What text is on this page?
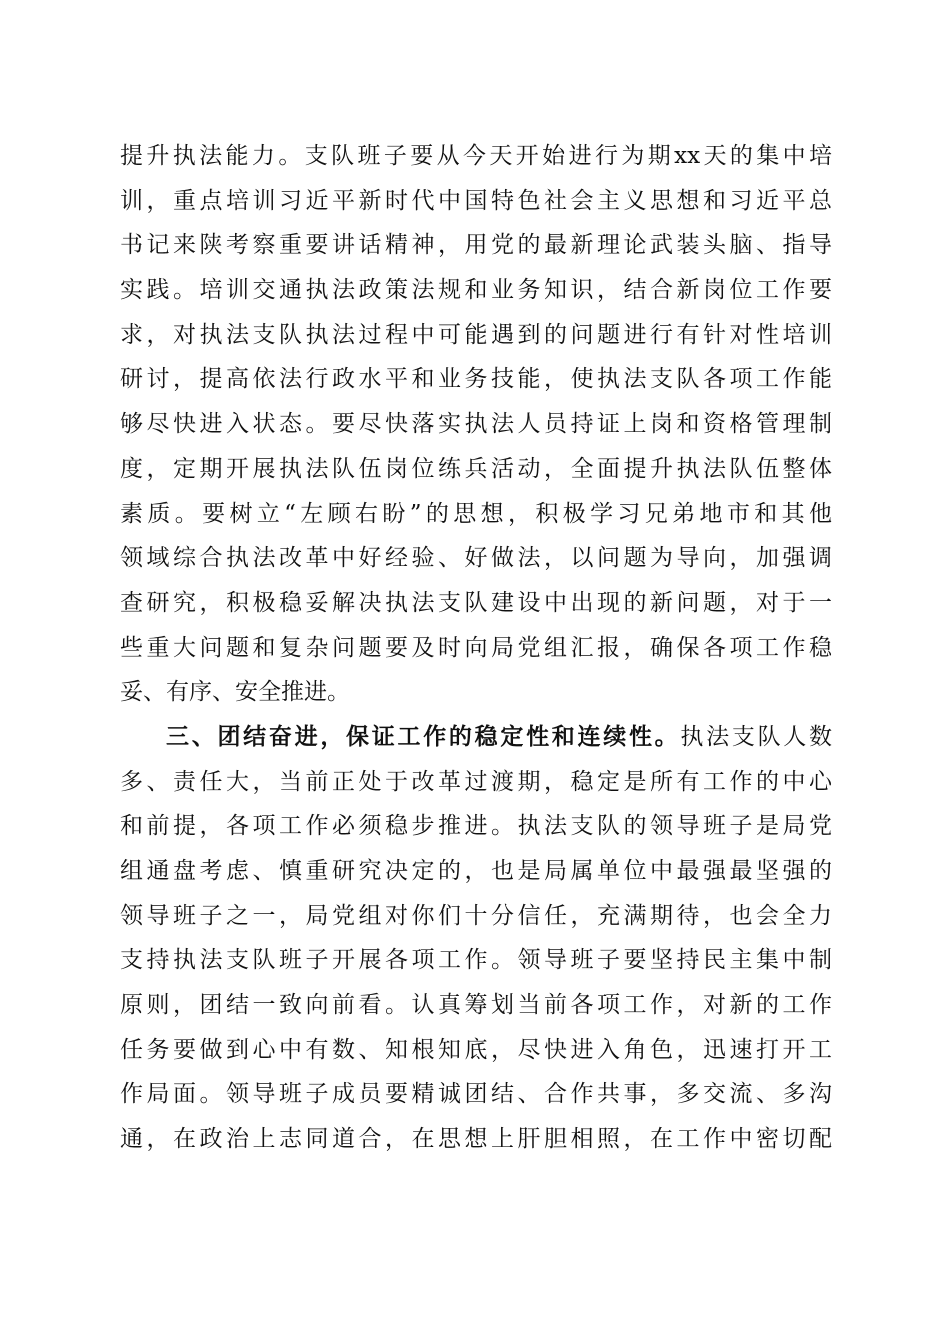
提升执法能力。支队班子要从今天开始进行为期xx天的集中培
训，重点培训习近平新时代中国特色社会主义思想和习近平总
书记来陕考察重要讲话精神，用党的最新理论武装头脑、指导
实践。培训交通执法政策法规和业务知识，结合新岗位工作要
求，对执法支队执法过程中可能遇到的问题进行有针对性培训
研讨，提高依法行政水平和业务技能，使执法支队各项工作能
够尽快进入状态。要尽快落实执法人员持证上岗和资格管理制
度，定期开展执法队伍岗位练兵活动，全面提升执法队伍整体
素质。要树立“左顾右盼”的思想，积极学习兄弟地市和其他
领域综合执法改革中好经验、好做法，以问题为导向，加强调
查研究，积极稳妥解决执法支队建设中出现的新问题，对于一
些重大问题和复杂问题要及时向局党组汇报，确保各项工作稳
妥、有序、安全推进。
三、团结奋进，保证工作的稳定性和连续性。执法支队人数
多、责任大，当前正处于改革过渡期，稳定是所有工作的中心
和前提，各项工作必须稳步推进。执法支队的领导班子是局党
组通盘考虑、慎重研究决定的，也是局属单位中最强最坚强的
领导班子之一，局党组对你们十分信任，充满期待，也会全力
支持执法支队班子开展各项工作。领导班子要坚持民主集中制
原则，团结一致向前看。认真筹划当前各项工作，对新的工作
任务要做到心中有数、知根知底，尽快进入角色，迅速打开工
作局面。领导班子成员要精诚团结、合作共事，多交流、多沟
通，在政治上志同道合，在思想上肝胆相照，在工作中密切配
